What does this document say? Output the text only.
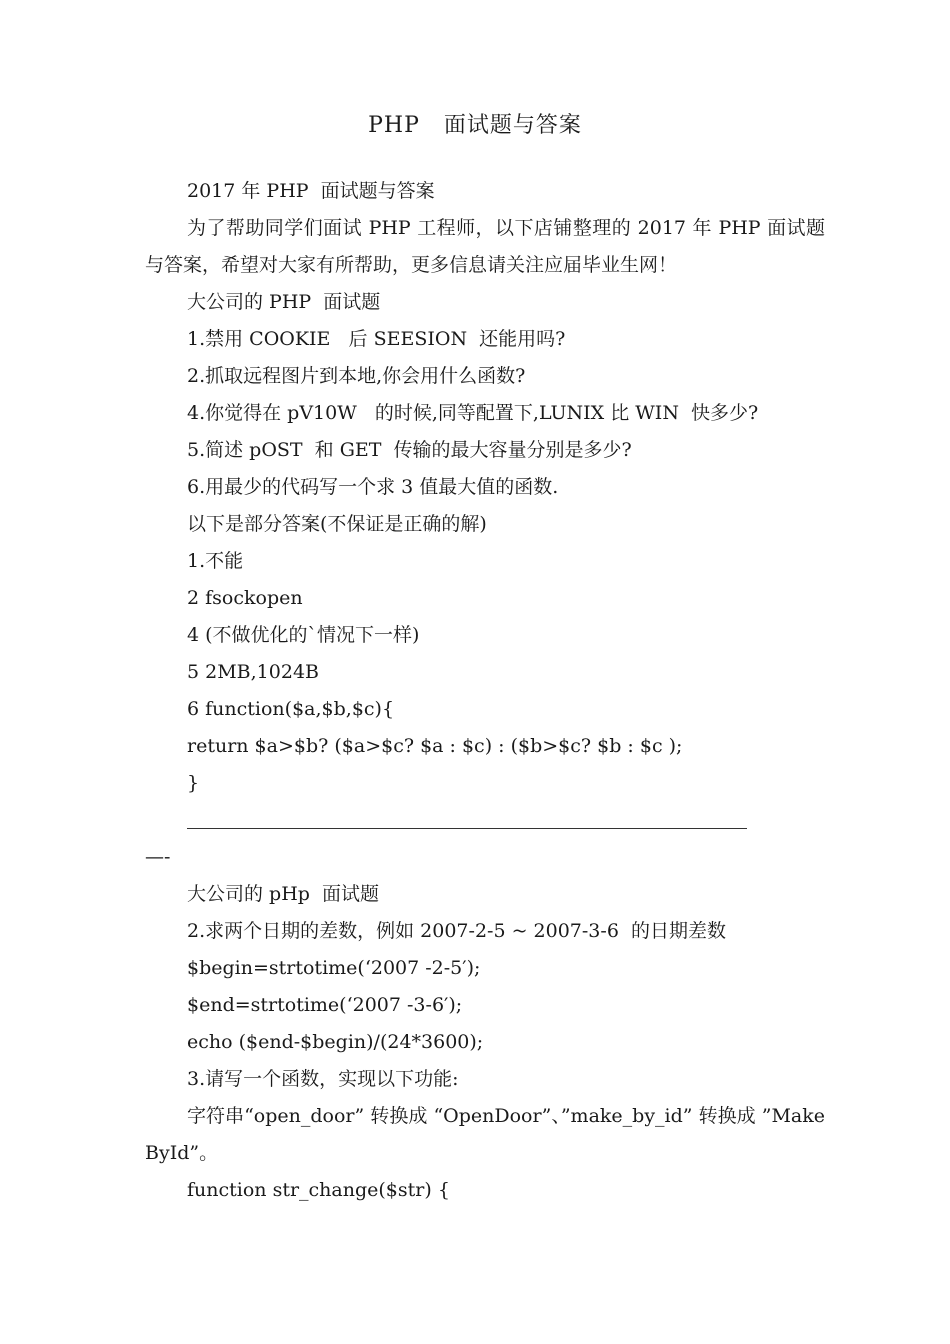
PHP   面试题与答案
2017 年 PHP  面试题与答案
为了帮助同学们面试 PHP 工程师，以下店铺整理的 2017 年 PHP 面试题与答案，希望对大家有所帮助，更多信息请关注应届毕业生网！
大公司的 PHP  面试题
1.禁用 COOKIE   后 SEESION  还能用吗?
2.抓取远程图片到本地,你会用什么函数?
4.你觉得在 pV10W   的时候,同等配置下,LUNIX 比 WIN  快多少?
5.简述 pOST  和 GET  传输的最大容量分别是多少?
6.用最少的代码写一个求 3 值最大值的函数.
以下是部分答案(不保证是正确的解)
1.不能
2 fsockopen
4 (不做优化的`情况下一样)
5 2MB,1024B
6 function($a,$b,$c){
return $a>$b? ($a>$c? $a : $c) : ($b>$c? $b : $c );
}
—-
大公司的 pHp  面试题
2.求两个日期的差数，例如 2007-2-5 ~ 2007-3-6  的日期差数
$begin=strtotime(‘2007 -2-5′);
$end=strtotime(‘2007 -3-6′);
echo ($end-$begin)/(24*3600);
3.请写一个函数，实现以下功能:
字符串“open_door” 转换成 “OpenDoor”、”make_by_id” 转换成 ”MakeById”。
function str_change($str) {
